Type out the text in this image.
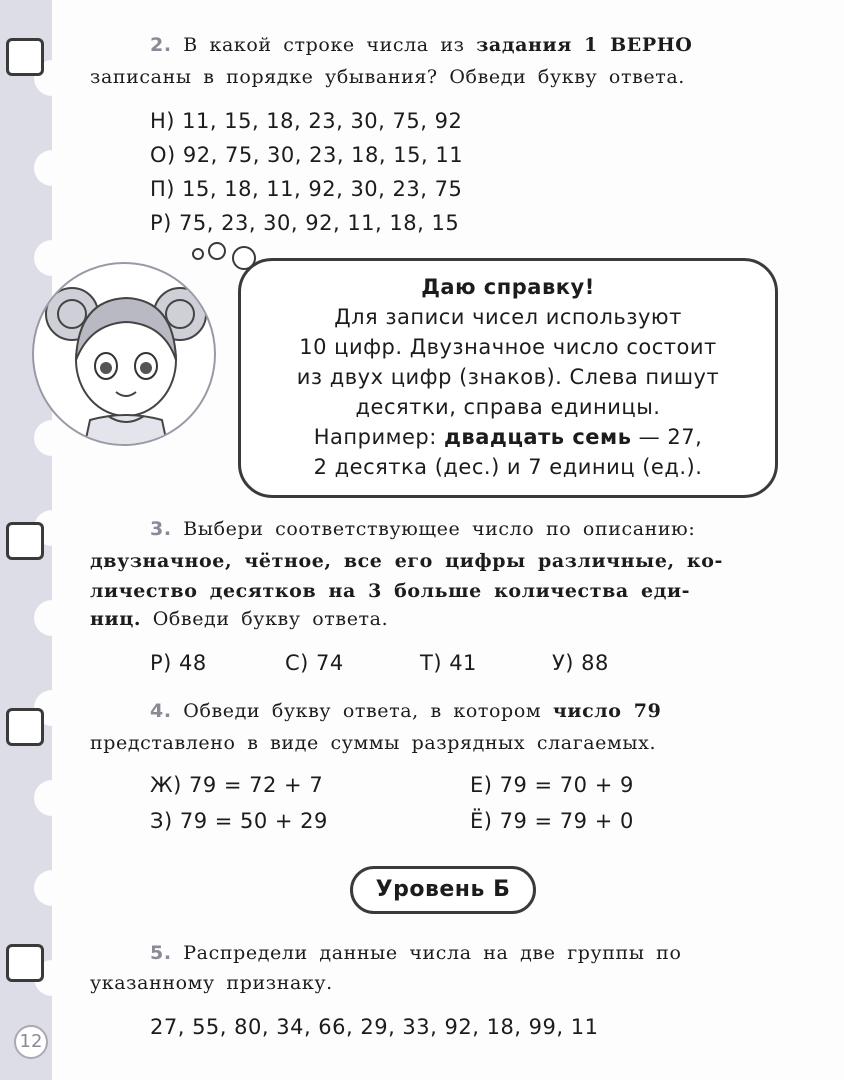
2. В какой строке числа из задания 1 ВЕРНО
записаны в порядке убывания? Обведи букву ответа.
Н) 11, 15, 18, 23, 30, 75, 92
О) 92, 75, 30, 23, 18, 15, 11
П) 15, 18, 11, 92, 30, 23, 75
Р) 75, 23, 30, 92, 11, 18, 15
Даю справку!
Для записи чисел используют
10 цифр. Двузначное число состоит
из двух цифр (знаков). Слева пишут
десятки, справа единицы.
Например: двадцать семь — 27,
2 десятка (дес.) и 7 единиц (ед.).
3. Выбери соответствующее число по описанию:
двузначное, чётное, все его цифры различные, ко-
личество десятков на 3 больше количества еди-
ниц. Обведи букву ответа.
Р) 48	С) 74	Т) 41	У) 88
4. Обведи букву ответа, в котором число 79
представлено в виде суммы разрядных слагаемых.
Ж) 79 = 72 + 7	Е) 79 = 70 + 9
З) 79 = 50 + 29	Ё) 79 = 79 + 0
Уровень Б
5. Распредели данные числа на две группы по
указанному признаку.
27, 55, 80, 34, 66, 29, 33, 92, 18, 99, 11
12
